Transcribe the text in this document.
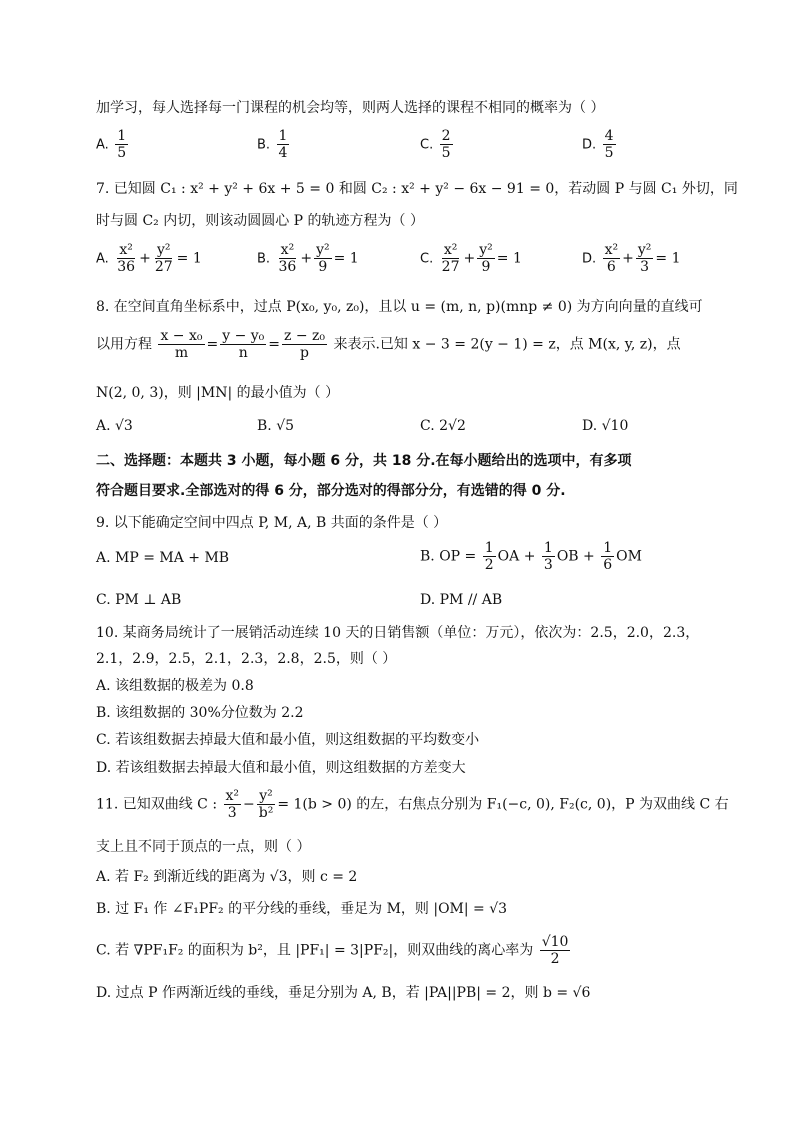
加学习，每人选择每一门课程的机会均等，则两人选择的课程不相同的概率为（ ）
A. $\frac{1}{5}$	B. $\frac{1}{4}$	C. $\frac{2}{5}$	D. $\frac{4}{5}$
7. 已知圆 C₁ : x² + y² + 6x + 5 = 0 和圆 C₂ : x² + y² − 6x − 91 = 0，若动圆 P 与圆 C₁ 外切，同
时与圆 C₂ 内切，则该动圆圆心 P 的轨迹方程为（ ）
A. $\frac{\text{x²}}{36} + \frac{\text{y²}}{27} = 1$	B. $\frac{\text{x²}}{36} + \frac{\text{y²}}{9} = 1$	C. $\frac{\text{x²}}{27} + \frac{\text{y²}}{9} = 1$	D. $\frac{\text{x²}}{6} + \frac{\text{y²}}{3} = 1$
8. 在空间直角坐标系中，过点 P(x₀, y₀, z₀)，且以 u = (m, n, p)(mnp ≠ 0) 为方向向量的直线可
以用方程 $\frac{\text{x − x₀}}{m} = \frac{\text{y − y₀}}{n} = \frac{\text{z − z₀}}{p}$ 来表示.已知 x − 3 = 2(y − 1) = z，点 M(x, y, z)，点
N(2, 0, 3)，则 |MN| 的最小值为（ ）
A. √3	B. √5	C. 2√2	D. √10
二、选择题：本题共 3 小题，每小题 6 分，共 18 分.在每小题给出的选项中，有多项
符合题目要求.全部选对的得 6 分，部分选对的得部分分，有选错的得 0 分.
9. 以下能确定空间中四点 P, M, A, B 共面的条件是（ ）
A. MP = MA + MB	B. OP = $\frac{1}{2}$ OA + $\frac{1}{3}$ OB + $\frac{1}{6}$ OM
C. PM ⊥ AB	D. PM // AB
10. 某商务局统计了一展销活动连续 10 天的日销售额（单位：万元），依次为：2.5，2.0，2.3，
2.1，2.9，2.5，2.1，2.3，2.8，2.5，则（ ）
A. 该组数据的极差为 0.8
B. 该组数据的 30%分位数为 2.2
C. 若该组数据去掉最大值和最小值，则这组数据的平均数变小
D. 若该组数据去掉最大值和最小值，则这组数据的方差变大
11. 已知双曲线 C : $\frac{\text{x²}}{3} - \frac{\text{y²}}{\text{b²}} = 1(b > 0)$ 的左，右焦点分别为 F₁(−c, 0), F₂(c, 0)，P 为双曲线 C 右
支上且不同于顶点的一点，则（ ）
A. 若 F₂ 到渐近线的距离为 √3，则 c = 2
B. 过 F₁ 作 ∠F₁PF₂ 的平分线的垂线，垂足为 M，则 |OM| = √3
C. 若 ∇PF₁F₂ 的面积为 b²，且 |PF₁| = 3|PF₂|，则双曲线的离心率为 $\frac{√10}{2}$
D. 过点 P 作两渐近线的垂线，垂足分别为 A, B，若 |PA||PB| = 2，则 b = √6
